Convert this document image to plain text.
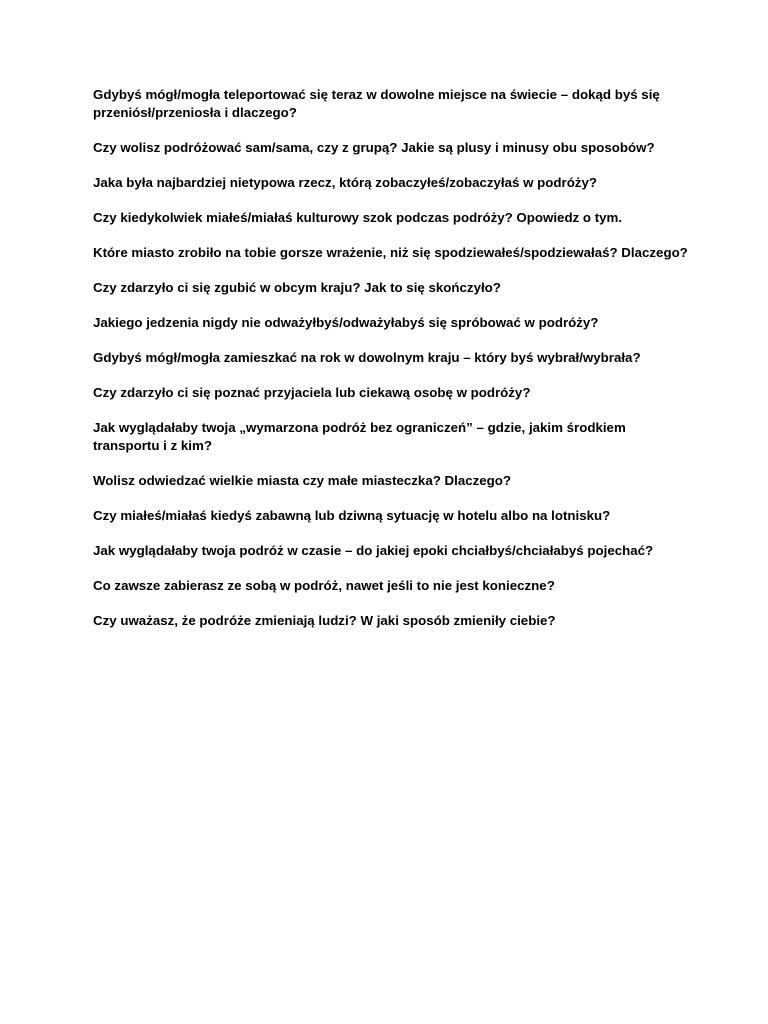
Gdybyś mógł/mogła teleportować się teraz w dowolne miejsce na świecie – dokąd byś się przeniósł/przeniosła i dlaczego?

Czy wolisz podróżować sam/sama, czy z grupą? Jakie są plusy i minusy obu sposobów?

Jaka była najbardziej nietypowa rzecz, którą zobaczyłeś/zobaczyłaś w podróży?

Czy kiedykolwiek miałeś/miałaś kulturowy szok podczas podróży? Opowiedz o tym.

Które miasto zrobiło na tobie gorsze wrażenie, niż się spodziewałeś/spodziewałaś? Dlaczego?

Czy zdarzyło ci się zgubić w obcym kraju? Jak to się skończyło?

Jakiego jedzenia nigdy nie odważyłbyś/odważyłabyś się spróbować w podróży?

Gdybyś mógł/mogła zamieszkać na rok w dowolnym kraju – który byś wybrał/wybrała?

Czy zdarzyło ci się poznać przyjaciela lub ciekawą osobę w podróży?

Jak wyglądałaby twoja „wymarzona podróż bez ograniczeń” – gdzie, jakim środkiem transportu i z kim?

Wolisz odwiedzać wielkie miasta czy małe miasteczka? Dlaczego?

Czy miałeś/miałaś kiedyś zabawną lub dziwną sytuację w hotelu albo na lotnisku?

Jak wyglądałaby twoja podróż w czasie – do jakiej epoki chciałbyś/chciałabyś pojechać?

Co zawsze zabierasz ze sobą w podróż, nawet jeśli to nie jest konieczne?

Czy uważasz, że podróże zmieniają ludzi? W jaki sposób zmieniły ciebie?
